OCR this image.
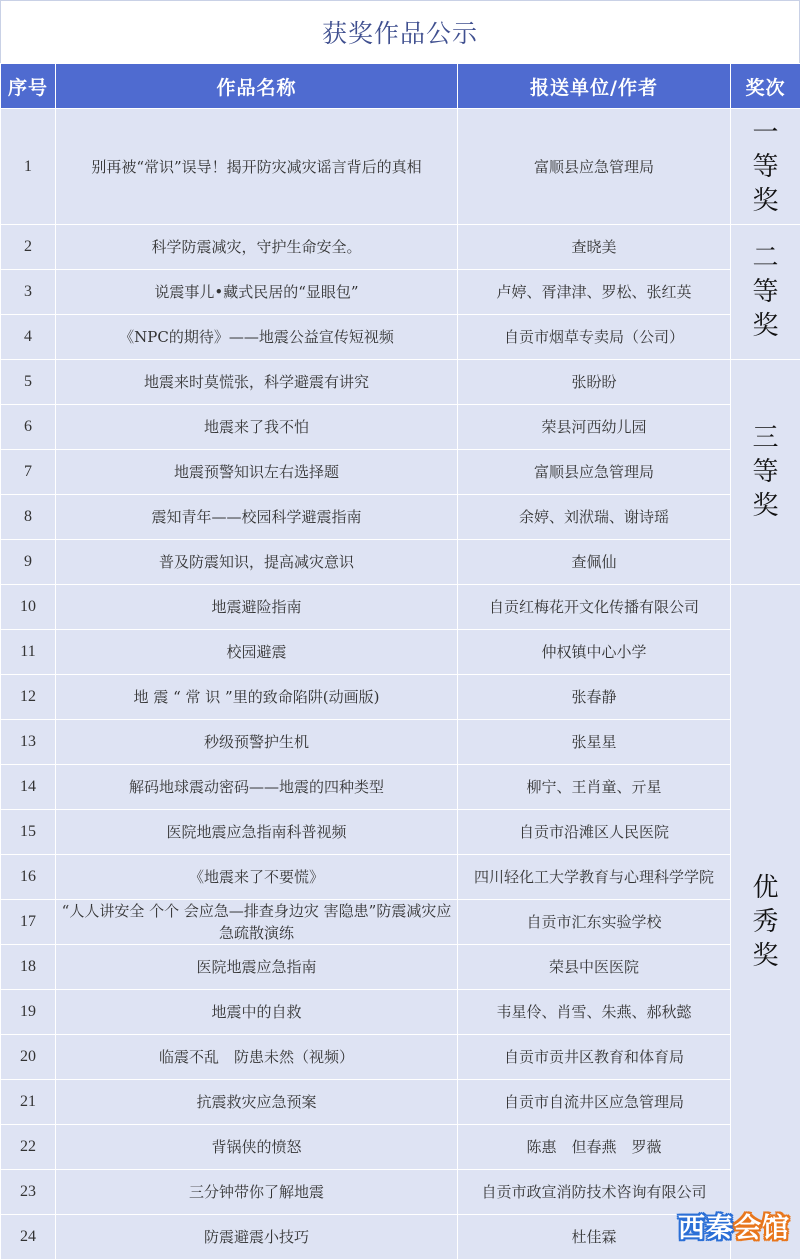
获奖作品公示
序号	作品名称	报送单位/作者	奖次
1	别再被“常识”误导！揭开防灾减灾谣言背后的真相	富顺县应急管理局	一等奖
2	科学防震减灾，守护生命安全。	查晓美	二等奖
3	说震事儿•藏式民居的“显眼包”	卢婷、胥津津、罗松、张红英	
4	《NPC的期待》——地震公益宣传短视频	自贡市烟草专卖局（公司）	
5	地震来时莫慌张，科学避震有讲究	张盼盼	三等奖
6	地震来了我不怕	荣县河西幼儿园	
7	地震预警知识左右选择题	富顺县应急管理局	
8	震知青年——校园科学避震指南	余婷、刘洑瑞、谢诗瑶	
9	普及防震知识，提高减灾意识	查佩仙	
10	地震避险指南	自贡红梅花开文化传播有限公司	优秀奖
11	校园避震	仲权镇中心小学	
12	地 震 “ 常 识 ”里的致命陷阱(动画版)	张春静	
13	秒级预警护生机	张星星	
14	解码地球震动密码——地震的四种类型	柳宁、王肖童、亓星	
15	医院地震应急指南科普视频	自贡市沿滩区人民医院	
16	《地震来了不要慌》	四川轻化工大学教育与心理科学学院	
17	“人人讲安全 个个 会应急—排查身边灾 害隐患”防震减灾应 急疏散演练	自贡市汇东实验学校	
18	医院地震应急指南	荣县中医医院	
19	地震中的自救	韦星伶、肖雪、朱燕、郝秋懿	
20	临震不乱　防患未然（视频）	自贡市贡井区教育和体育局	
21	抗震救灾应急预案	自贡市自流井区应急管理局	
22	背锅侠的愤怒	陈惠　但春燕　罗薇	
23	三分钟带你了解地震	自贡市政宣消防技术咨询有限公司	
24	防震避震小技巧	杜佳霖	西秦会馆
